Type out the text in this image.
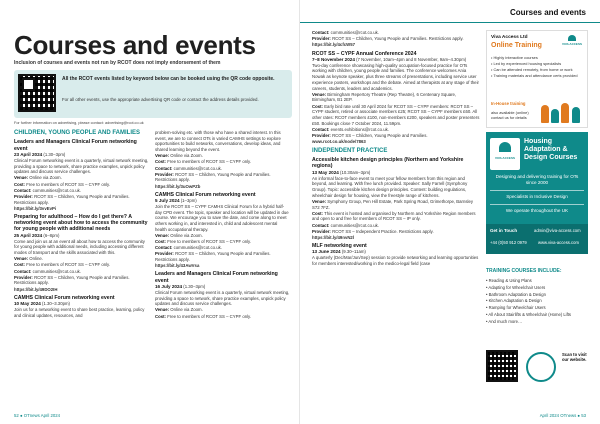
Courses and events
Inclusion of courses and events not run by RCOT does not imply endorsement of them
All the RCOT events listed by keyword below can be booked using the QR code opposite.
For all other events, use the appropriate advertising QR code or contact the address details provided.
For further information on advertising, please contact: advertising@rcot.co.uk
CHILDREN, YOUNG PEOPLE AND FAMILIES
Leaders and Managers Clinical Forum networking event
23 April 2024 (1.30–3pm)

Clinical Forum networking event is a quarterly, virtual network meeting, providing a space to network, share practice examples, unpick policy updates and discuss service challenges.

Venue: Online via Zoom.

Cost: Free to members of RCOT SS – CYPF only.

Contact: communities@rcot.co.uk.

Provider: RCOT SS – Children, Young People and Families. Restrictions apply.

https://bit.ly/3vvEvPi

Preparing for adulthood – How do I get there? A networking event about how to access the community for young people with additional needs
25 April 2024 (6–8pm)

Come and join us at an event all about how to access the community for young people with additional needs, including accessing different modes of transport and the skills associated with this.

Venue: Online.

Cost: Free to members of RCOT SS – CYPF only.

Contact: communities@rcot.co.uk.

Provider: RCOT SS – Children, Young People and Families. Restrictions apply.

https://bit.ly/49DO2IH

CAMHS Clinical Forum networking event
10 May 2024 (1.30–3.30pm)

Join us for a networking event to share best practice, learning, policy and clinical updates, resources, and

problem-solving etc. with those who have a shared interest. In this event, we are to connect OTs in varied CAMHS settings to explore opportunities to build networks, conversations, develop ideas, and shared learning beyond the event.

Venue: Online via Zoom.

Cost: Free to members of RCOT SS – CYPF only.

Contact: communities@rcot.co.uk.

Provider: RCOT SS – Children, Young People and Families. Restrictions apply.

https://bit.ly/3uOwPZb

CAMHS Clinical Forum networking event
5 July 2024 (1–3pm)

Join the RCOT SS – CYPF CAMHS Clinical Forum for a hybrid half-day CPD event. The topic, speaker and location will be updated in due course. We encourage you to save the date, and come along to meet others working in, and interested in, child and adolescent mental health occupational therapy.

Venue: Online via Zoom.

Cost: Free to members of RCOT SS – CYPF only.

Contact: communities@rcot.co.uk.

Provider: RCOT SS – Children, Young People and Families. Restrictions apply.

https://bit.ly/43AwVsa

Leaders and Managers Clinical Forum networking event
16 July 2024 (1.30–3pm)

Clinical Forum networking event is a quarterly, virtual network meeting, providing a space to network, share practice examples, unpick policy updates and discuss service challenges.

Venue: Online via Zoom.

Cost: Free to members of RCOT SS – CYPF only.

52 ● OTnews April 2024
Courses and events

Contact: communities@rcot.co.uk.

Provider: RCOT SS – Children, Young People and Families. Restrictions apply.

https://bit.ly/4cfcW57

RCOT SS – CYPF Annual Conference 2024
7–8 November 2024 (7 November, 10am–4pm and 8 November, 9am–4.30pm)

Two-day conference showcasing high-quality occupation-focused practice for OTs working with children, young people and families. The conference welcomes Ania Nowak as keynote speaker, plus three streams of presentations, including service user experience posters, workshops and the debate. Aimed at therapists at any stage of their careers, students, leaders and academics.

Venue: Birmingham Repertory Theatre (Rep Theatre), 6 Centenary Square, Birmingham, B1 2EP.

Cost: Early bird rate until 30 April 2024 for RCOT SS – CYPF members: RCOT SS – CYPF student, retired or associate members £25; RCOT SS – CYPF members £60. All other rates: RCOT members £100, non-members £200, speakers and poster presenters £50. Bookings close 7 October 2024, 11.59pm.

Contact: events.exhibitions@rcot.co.uk.

Provider: RCOT SS – Children, Young People and Families.

www.rcot.co.uk/node/7863

INDEPENDENT PRACTICE
Accessible kitchen design principles (Northern and Yorkshire regions)
13 May 2024 (10.30am–3pm)

An informal face-to-face event to meet your fellow members from this region and beyond, and learning. With free lunch provided. Speaker: Sally Farrell (Symphony Group). Topic: accessible kitchen design principles. Content: building regulations, wheelchair design for housing, view the freestyle range of kitchens.

Venue: Symphony Group, Pen Hill Estate, Park Spring Road, Grimethorpe, Barnsley S72 7FZ.

Cost: This event is hosted and organised by Northern and Yorkshire Region members and open to and free for members of RCOT SS – IP only.

Contact: communities@rcot.co.uk.

Provider: RCOT SS – Independent Practice. Restrictions apply.

https://bit.ly/49nvN2l

MLF networking event
13 June 2024 (9.30–11am)

A quarterly (Dec/Mar/Jun/Sep) session to provide networking and learning opportunities for members interested/working in the medico-legal field (case

Viva Access Ltd
Online Training	VIVA ACCESS
• Highly interactive courses
• Led by experienced housing specialists
• Can be attended remotely, from home or work
• Training materials and attendance certs provided
In-House training
also available (online) contact us for details
VIVA ACCESS
Housing Adaptation & Design Courses
Designing and delivering training for OTs since 2000
Specialists in Inclusive Design
We operate throughout the UK
Get in Touch	admin@viva-access.com
+44 (0)50 912 0979	www.viva-access.com
TRAINING COURSES INCLUDE:
• Reading & Using Plans
• Adapting for Wheelchair Users
• Bathroom Adaptation & Design
• Kitchen Adaptation & Design
• Ramping for Wheelchair Users
• All About Stairlifts & Wheelchair (Home) Lifts
• And much more…
Scan to visit our website.
April 2024 OTnews ● 53
